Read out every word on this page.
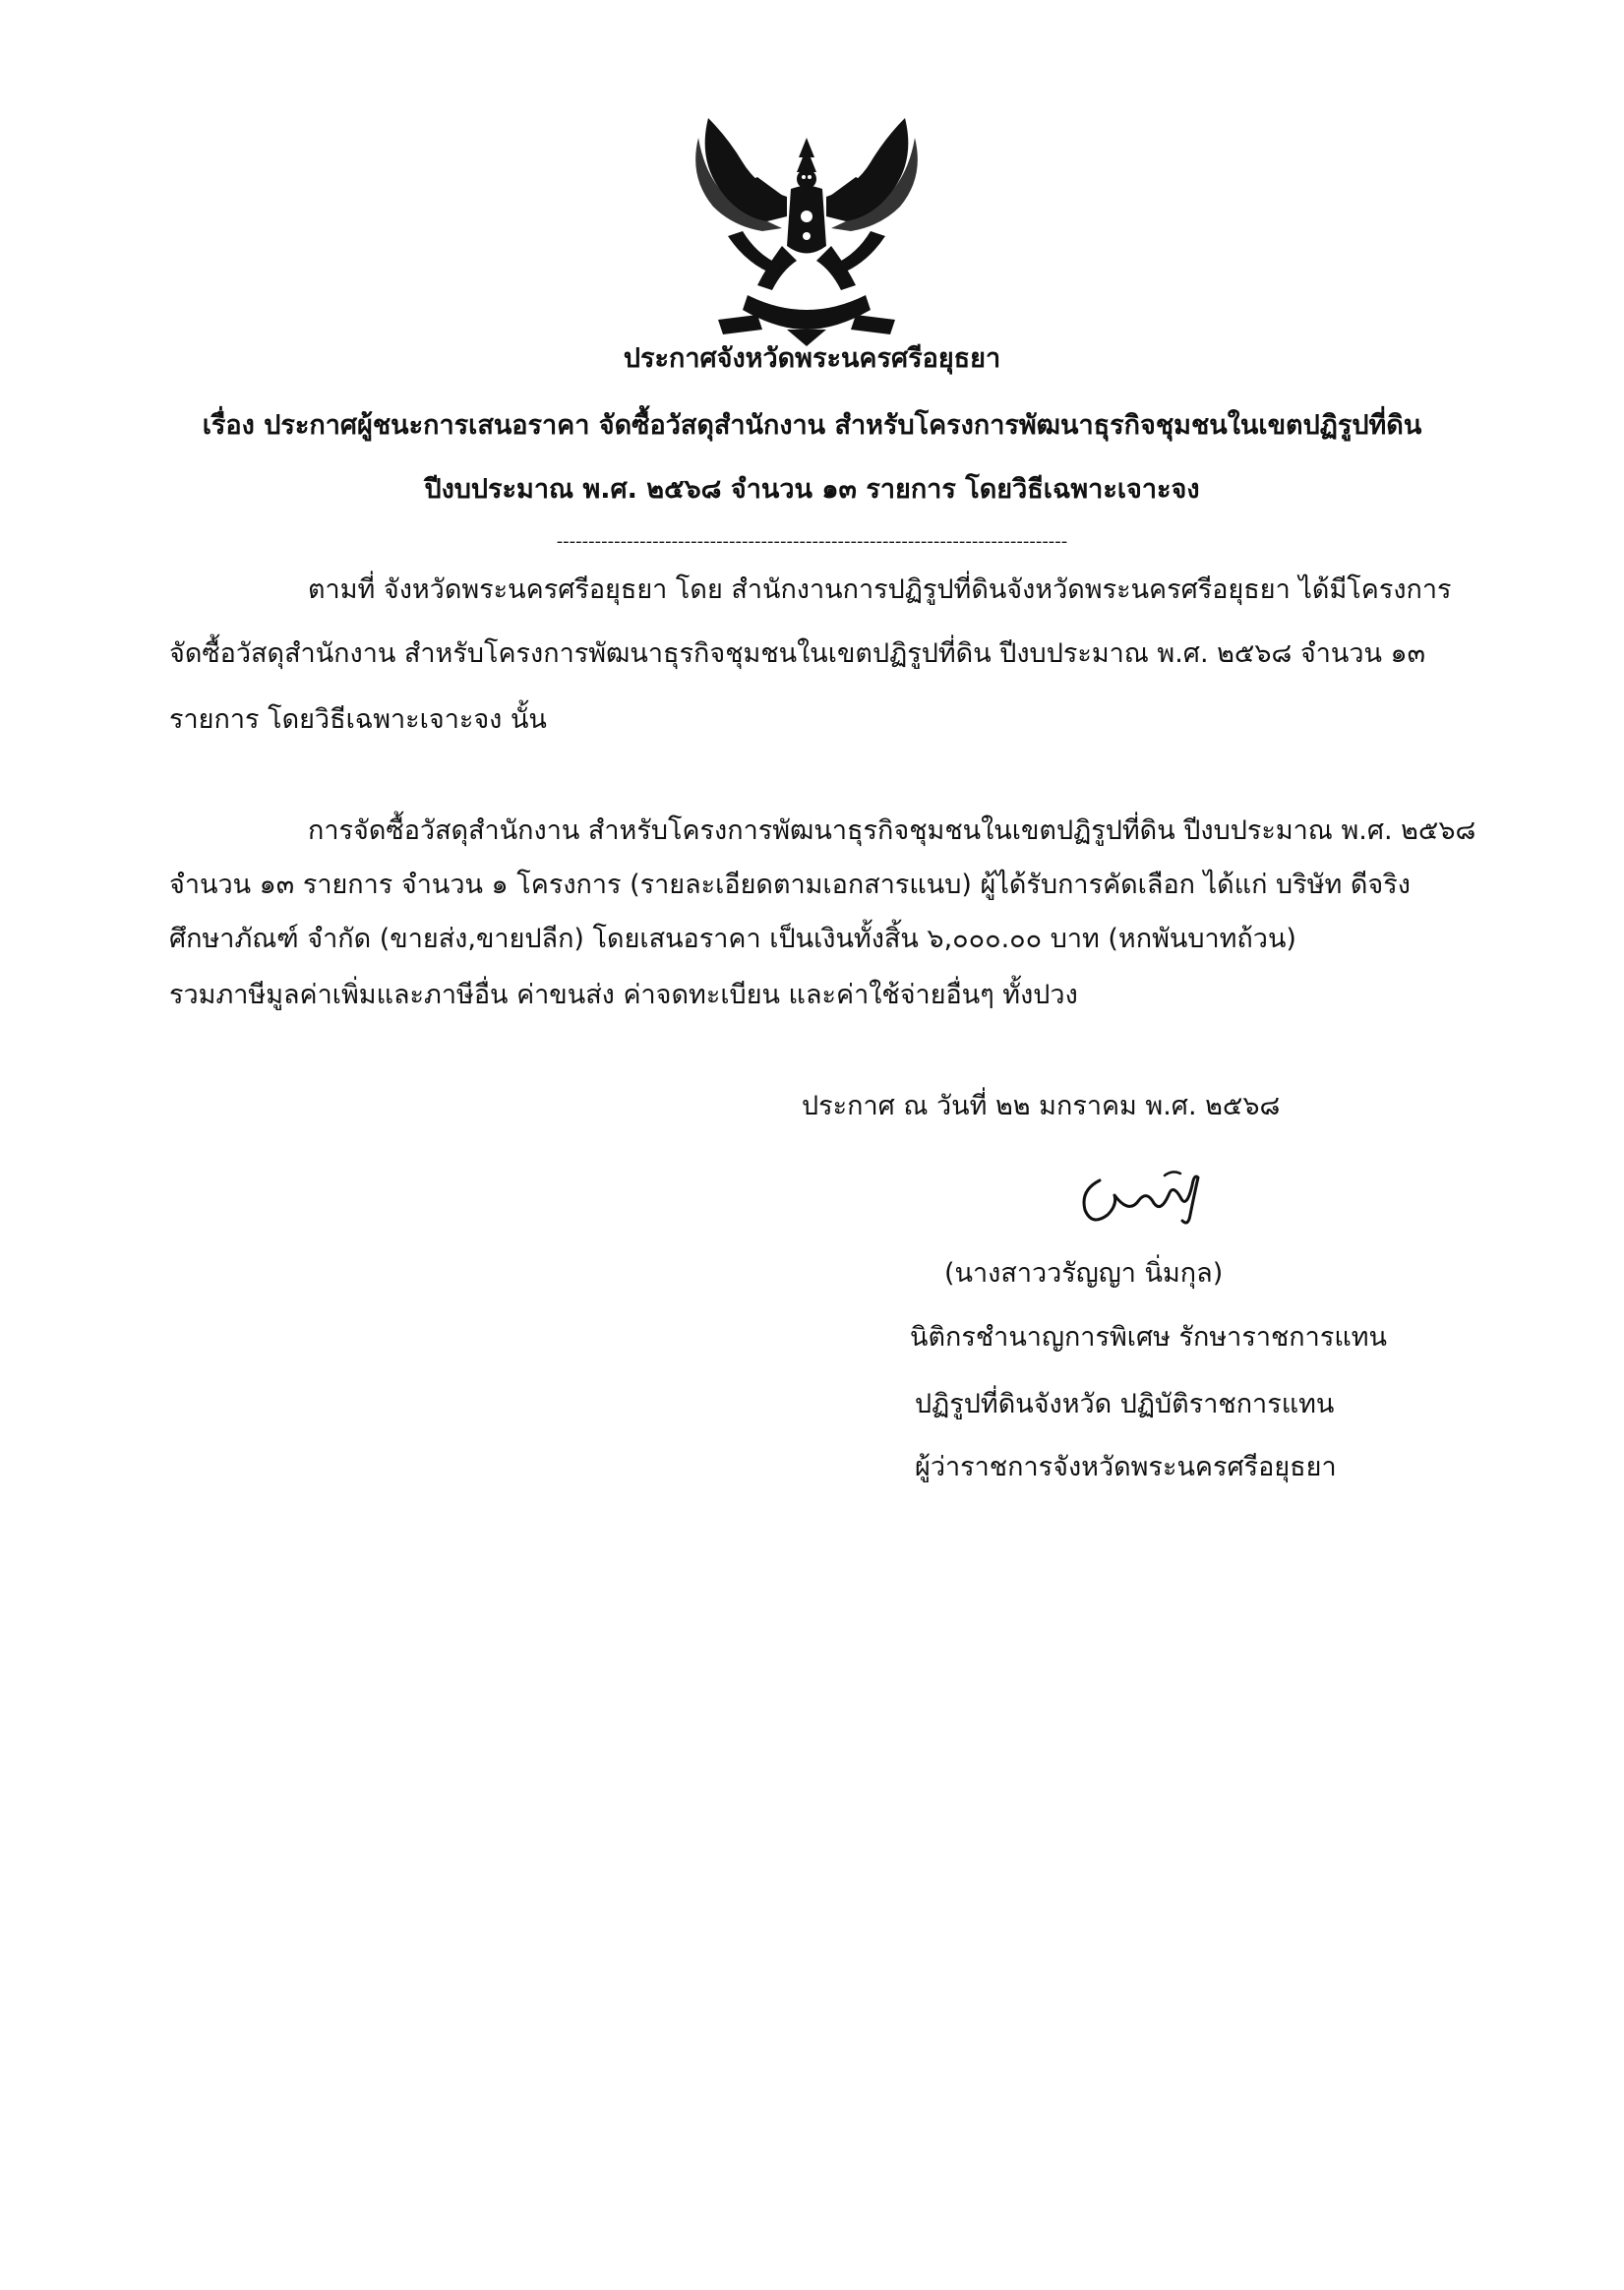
ประกาศจังหวัดพระนครศรีอยุธยา
เรื่อง ประกาศผู้ชนะการเสนอราคา จัดซื้อวัสดุสำนักงาน สำหรับโครงการพัฒนาธุรกิจชุมชนในเขตปฏิรูปที่ดิน
ปีงบประมาณ พ.ศ. ๒๕๖๘ จำนวน ๑๓ รายการ โดยวิธีเฉพาะเจาะจง
--------------------------------------------------------------------------------
ตามที่ จังหวัดพระนครศรีอยุธยา โดย สำนักงานการปฏิรูปที่ดินจังหวัดพระนครศรีอยุธยา ได้มีโครงการ
จัดซื้อวัสดุสำนักงาน สำหรับโครงการพัฒนาธุรกิจชุมชนในเขตปฏิรูปที่ดิน ปีงบประมาณ พ.ศ. ๒๕๖๘ จำนวน ๑๓
รายการ โดยวิธีเฉพาะเจาะจง นั้น
การจัดซื้อวัสดุสำนักงาน สำหรับโครงการพัฒนาธุรกิจชุมชนในเขตปฏิรูปที่ดิน ปีงบประมาณ พ.ศ. ๒๕๖๘
จำนวน ๑๓ รายการ จำนวน ๑ โครงการ (รายละเอียดตามเอกสารแนบ) ผู้ได้รับการคัดเลือก ได้แก่ บริษัท ดีจริง
ศึกษาภัณฑ์ จำกัด (ขายส่ง,ขายปลีก) โดยเสนอราคา เป็นเงินทั้งสิ้น ๖,๐๐๐.๐๐ บาท (หกพันบาทถ้วน)
รวมภาษีมูลค่าเพิ่มและภาษีอื่น ค่าขนส่ง ค่าจดทะเบียน และค่าใช้จ่ายอื่นๆ ทั้งปวง
ประกาศ ณ วันที่ ๒๒ มกราคม พ.ศ. ๒๕๖๘
(นางสาววรัญญา นิ่มกุล)
นิติกรชำนาญการพิเศษ รักษาราชการแทน
ปฏิรูปที่ดินจังหวัด ปฏิบัติราชการแทน
ผู้ว่าราชการจังหวัดพระนครศรีอยุธยา
